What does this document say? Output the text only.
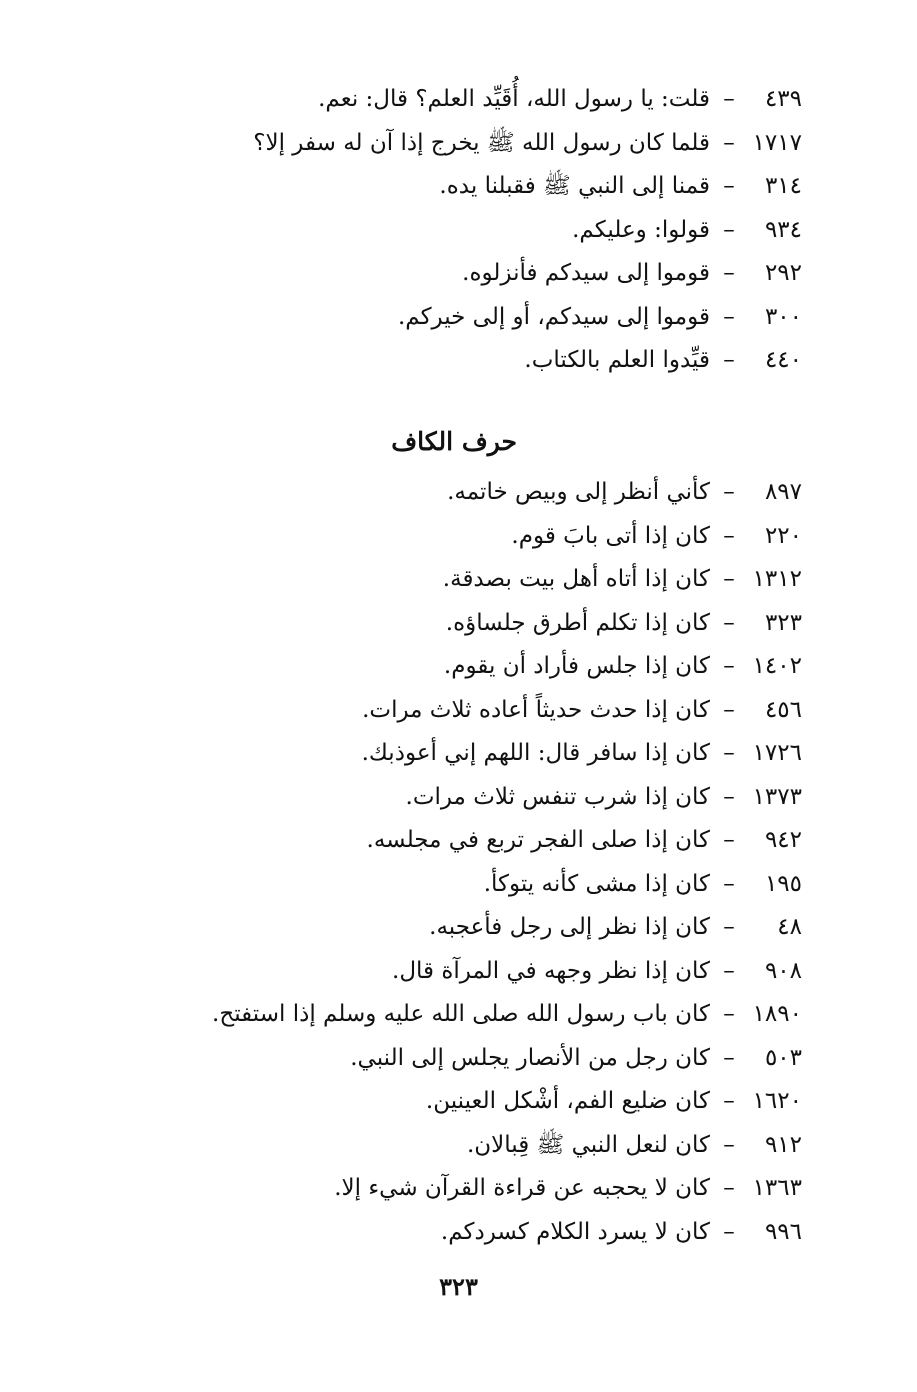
٤٣٩
–
قلت: يا رسول الله، أُقَيِّد العلم؟ قال: نعم.
١٧١٧
–
قلما كان رسول الله ﷺ يخرج إذا آن له سفر إلا؟
٣١٤
–
قمنا إلى النبي ﷺ فقبلنا يده.
٩٣٤
–
قولوا: وعليكم.
٢٩٢
–
قوموا إلى سيدكم فأنزلوه.
٣٠٠
–
قوموا إلى سيدكم، أو إلى خيركم.
٤٤٠
–
قيِّدوا العلم بالكتاب.
حرف الكاف
٨٩٧
–
كأني أنظر إلى وبيص خاتمه.
٢٢٠
–
كان إذا أتى بابَ قوم.
١٣١٢
–
كان إذا أتاه أهل بيت بصدقة.
٣٢٣
–
كان إذا تكلم أطرق جلساؤه.
١٤٠٢
–
كان إذا جلس فأراد أن يقوم.
٤٥٦
–
كان إذا حدث حديثاً أعاده ثلاث مرات.
١٧٢٦
–
كان إذا سافر قال: اللهم إني أعوذبك.
١٣٧٣
–
كان إذا شرب تنفس ثلاث مرات.
٩٤٢
–
كان إذا صلى الفجر تربع في مجلسه.
١٩٥
–
كان إذا مشى كأنه يتوكأ.
٤٨
–
كان إذا نظر إلى رجل فأعجبه.
٩٠٨
–
كان إذا نظر وجهه في المرآة قال.
١٨٩٠
–
كان باب رسول الله صلى الله عليه وسلم إذا استفتح.
٥٠٣
–
كان رجل من الأنصار يجلس إلى النبي.
١٦٢٠
–
كان ضليع الفم، أشْكل العينين.
٩١٢
–
كان لنعل النبي ﷺ قِبالان.
١٣٦٣
–
كان لا يحجبه عن قراءة القرآن شيء إلا.
٩٩٦
–
كان لا يسرد الكلام كسردكم.
٣٢٣
